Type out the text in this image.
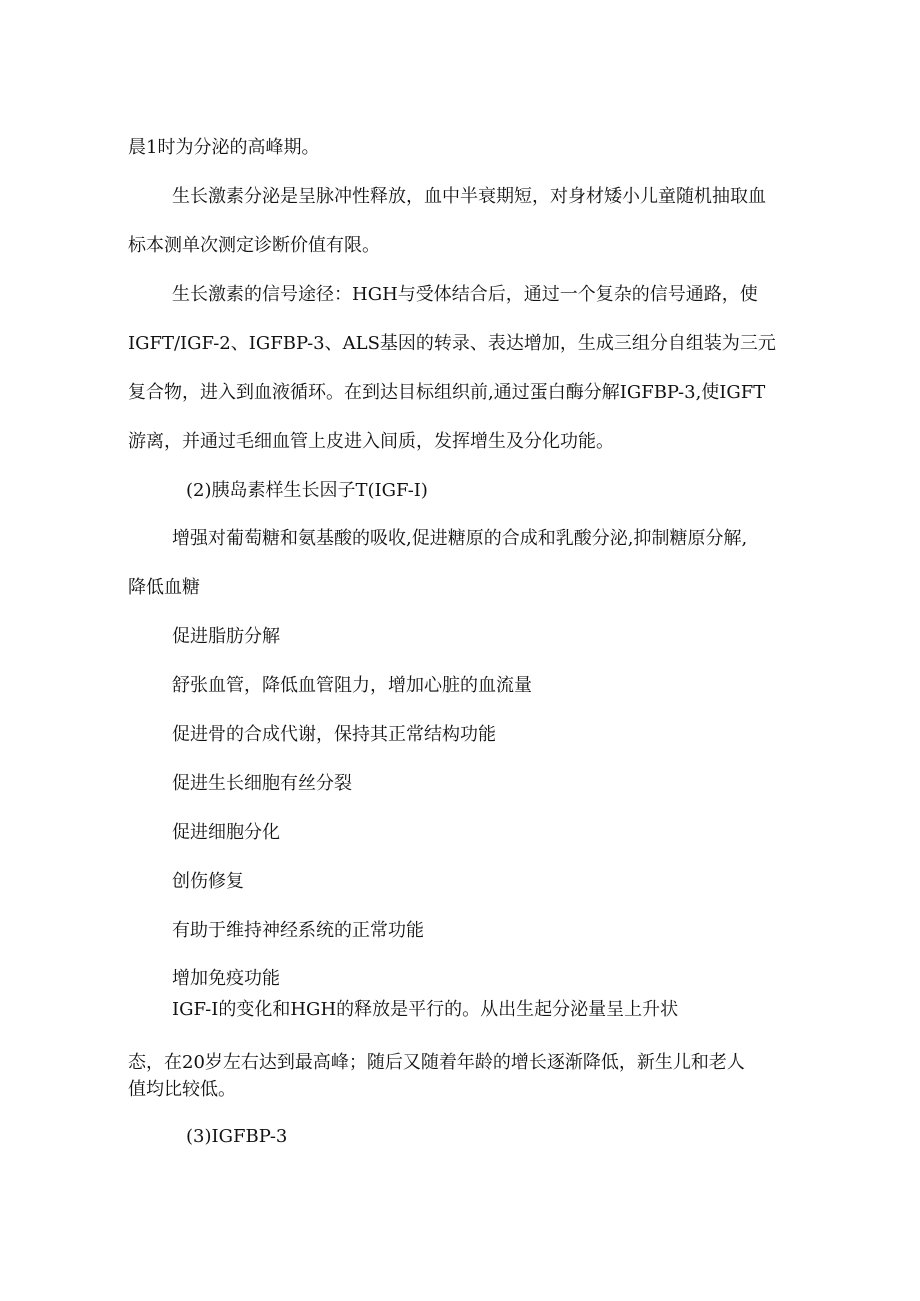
晨1时为分泌的高峰期。

生长激素分泌是呈脉冲性释放，血中半衰期短，对身材矮小儿童随机抽取血

标本测单次测定诊断价值有限。

生长激素的信号途径：HGH与受体结合后，通过一个复杂的信号通路，使

IGFT/IGF-2、IGFBP-3、ALS基因的转录、表达增加，生成三组分自组装为三元

复合物，进入到血液循环。在到达目标组织前,通过蛋白酶分解IGFBP-3,使IGFT

游离，并通过毛细血管上皮进入间质，发挥增生及分化功能。

(2)胰岛素样生长因子T(IGF-I)

增强对葡萄糖和氨基酸的吸收,促进糖原的合成和乳酸分泌,抑制糖原分解,

降低血糖

促进脂肪分解

舒张血管，降低血管阻力，增加心脏的血流量

促进骨的合成代谢，保持其正常结构功能

促进生长细胞有丝分裂

促进细胞分化

创伤修复

有助于维持神经系统的正常功能

增加免疫功能

IGF-I的变化和HGH的释放是平行的。从出生起分泌量呈上升状

态，在20岁左右达到最高峰；随后又随着年龄的增长逐渐降低，新生儿和老人

值均比较低。

(3)IGFBP-3
